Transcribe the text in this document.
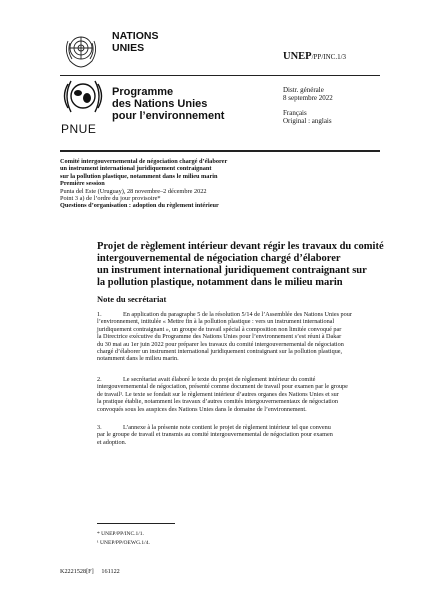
NATIONS
UNIES
PNUE
Programme
des Nations Unies
pour l’environnement
UNEP/PP/INC.1/3
Distr. générale
8 septembre 2022
Français
Original : anglais
Comité intergouvernemental de négociation chargé d’élaborer
un instrument international juridiquement contraignant
sur la pollution plastique, notamment dans le milieu marin
Première session
Punta del Este (Uruguay), 28 novembre–2 décembre 2022
Point 3 a) de l’ordre du jour provisoire*
Questions d’organisation : adoption du règlement intérieur
Projet de règlement intérieur devant régir les travaux du comité
intergouvernemental de négociation chargé d’élaborer
un instrument international juridiquement contraignant sur
la pollution plastique, notamment dans le milieu marin
Note du secrétariat
1.	En application du paragraphe 5 de la résolution 5/14 de l’Assemblée des Nations Unies pour
l’environnement, intitulée « Mettre fin à la pollution plastique : vers un instrument international
juridiquement contraignant », un groupe de travail spécial à composition non limitée convoqué par
la Directrice exécutive du Programme des Nations Unies pour l’environnement s’est réuni à Dakar
du 30 mai au 1er juin 2022 pour préparer les travaux du comité intergouvernemental de négociation
chargé d’élaborer un instrument international juridiquement contraignant sur la pollution plastique,
notamment dans le milieu marin.
2.	Le secrétariat avait élaboré le texte du projet de règlement intérieur du comité
intergouvernemental de négociation, présenté comme document de travail pour examen par le groupe
de travail¹. Le texte se fondait sur le règlement intérieur d’autres organes des Nations Unies et sur
la pratique établie, notamment les travaux d’autres comités intergouvernementaux de négociation
convoqués sous les auspices des Nations Unies dans le domaine de l’environnement.
3.	L’annexe à la présente note contient le projet de règlement intérieur tel que convenu
par le groupe de travail et transmis au comité intergouvernemental de négociation pour examen
et adoption.
* UNEP/PP/INC.1/1.
¹ UNEP/PP/OEWG.1/4.
K2221528[F]     161122
